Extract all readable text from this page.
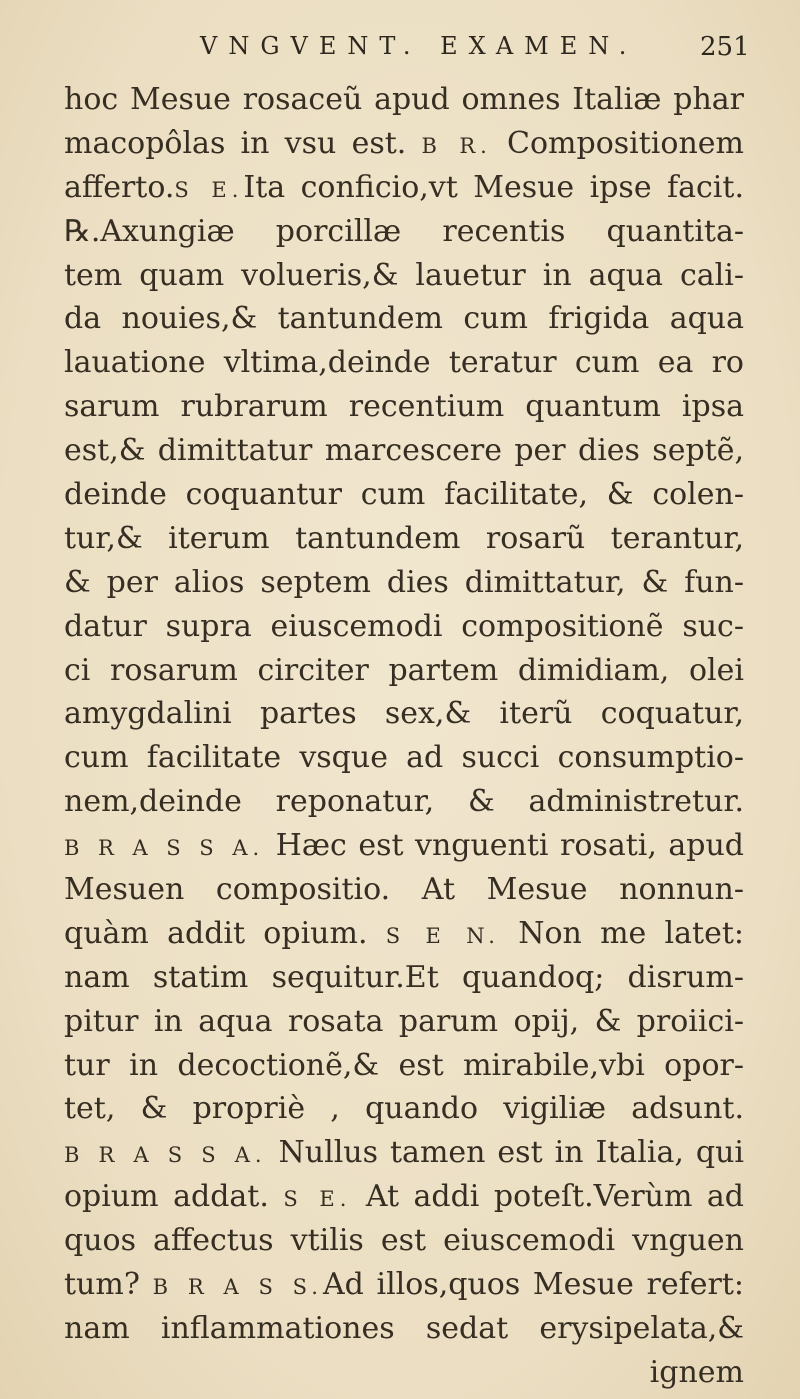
VNGVENT. EXAMEN. 251
hoc Mesue rosaceũ apud omnes Italiæ phar
macopôlas in vsu est. B R. Compositionem
afferto.S E.Ita conficio,vt Mesue ipse facit.
℞.Axungiæ porcillæ recentis quantita-
tem quam volueris,& lauetur in aqua cali-
da nouies,& tantundem cum frigida aqua
lauatione vltima,deinde teratur cum ea ro
sarum rubrarum recentium quantum ipsa
est,& dimittatur marcescere per dies septẽ,
deinde coquantur cum facilitate, & colen-
tur,& iterum tantundem rosarũ terantur,
& per alios septem dies dimittatur, & fun-
datur supra eiuscemodi compositionẽ suc-
ci rosarum circiter partem dimidiam, olei
amygdalini partes sex,& iterũ coquatur,
cum facilitate vsque ad succi consumptio-
nem,deinde reponatur, & administretur.
B R A S S A. Hæc est vnguenti rosati, apud
Mesuen compositio. At Mesue nonnun-
quàm addit opium. S E N. Non me latet:
nam statim sequitur.Et quandoq; disrum-
pitur in aqua rosata parum opij, & proiici-
tur in decoctionẽ,& est mirabile,vbi opor-
tet, & propriè , quando vigiliæ adsunt.
B R A S S A. Nullus tamen est in Italia, qui
opium addat. S E. At addi poteſt.Verùm ad
quos affectus vtilis est eiuscemodi vnguen
tum? B R A S S.Ad illos,quos Mesue refert:
nam inflammationes sedat erysipelata,&
ignem
